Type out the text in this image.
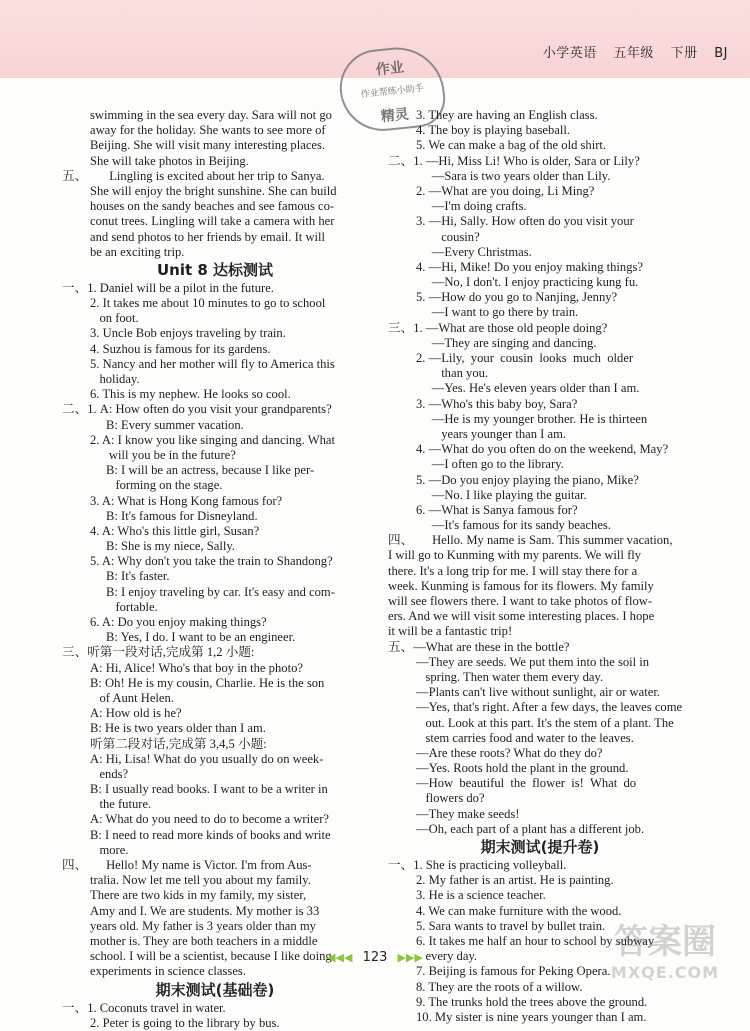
小学英语 五年级 下册 BJ
作业
作业帮练小助手
精灵
swimming in the sea every day. Sara will not go
away for the holiday. She wants to see more of
Beijing. She will visit many interesting places.
She will take photos in Beijing.
五、       Lingling is excited about her trip to Sanya.
She will enjoy the bright sunshine. She can build
houses on the sandy beaches and see famous co-
conut trees. Lingling will take a camera with her
and send photos to her friends by email. It will
be an exciting trip.
Unit 8 达标测试
一、1. Daniel will be a pilot in the future.
2. It takes me about 10 minutes to go to school
on foot.
3. Uncle Bob enjoys traveling by train.
4. Suzhou is famous for its gardens.
5. Nancy and her mother will fly to America this
holiday.
6. This is my nephew. He looks so cool.
二、1. A: How often do you visit your grandparents?
B: Every summer vacation.
2. A: I know you like singing and dancing. What
will you be in the future?
B: I will be an actress, because I like per-
forming on the stage.
3. A: What is Hong Kong famous for?
B: It's famous for Disneyland.
4. A: Who's this little girl, Susan?
B: She is my niece, Sally.
5. A: Why don't you take the train to Shandong?
B: It's faster.
B: I enjoy traveling by car. It's easy and com-
fortable.
6. A: Do you enjoy making things?
B: Yes, I do. I want to be an engineer.
三、听第一段对话,完成第 1,2 小题:
A: Hi, Alice! Who's that boy in the photo?
B: Oh! He is my cousin, Charlie. He is the son
of Aunt Helen.
A: How old is he?
B: He is two years older than I am.
听第二段对话,完成第 3,4,5 小题:
A: Hi, Lisa! What do you usually do on week-
ends?
B: I usually read books. I want to be a writer in
the future.
A: What do you need to do to become a writer?
B: I need to read more kinds of books and write
more.
四、      Hello! My name is Victor. I'm from Aus-
tralia. Now let me tell you about my family.
There are two kids in my family, my sister,
Amy and I. We are students. My mother is 33
years old. My father is 3 years older than my
mother is. They are both teachers in a middle
school. I will be a scientist, because I like doing
experiments in science classes.
期末测试(基础卷)
一、1. Coconuts travel in water.
2. Peter is going to the library by bus.
3. They are having an English class.
4. The boy is playing baseball.
5. We can make a bag of the old shirt.
二、1. —Hi, Miss Li! Who is older, Sara or Lily?
—Sara is two years older than Lily.
2. —What are you doing, Li Ming?
—I'm doing crafts.
3. —Hi, Sally. How often do you visit your
cousin?
—Every Christmas.
4. —Hi, Mike! Do you enjoy making things?
—No, I don't. I enjoy practicing kung fu.
5. —How do you go to Nanjing, Jenny?
—I want to go there by train.
三、1. —What are those old people doing?
—They are singing and dancing.
2. —Lily,  your  cousin  looks  much  older
than you.
—Yes. He's eleven years older than I am.
3. —Who's this baby boy, Sara?
—He is my younger brother. He is thirteen
years younger than I am.
4. —What do you often do on the weekend, May?
—I often go to the library.
5. —Do you enjoy playing the piano, Mike?
—No. I like playing the guitar.
6. —What is Sanya famous for?
—It's famous for its sandy beaches.
四、      Hello. My name is Sam. This summer vacation,
I will go to Kunming with my parents. We will fly
there. It's a long trip for me. I will stay there for a
week. Kunming is famous for its flowers. My family
will see flowers there. I want to take photos of flow-
ers. And we will visit some interesting places. I hope
it will be a fantastic trip!
五、—What are these in the bottle?
—They are seeds. We put them into the soil in
spring. Then water them every day.
—Plants can't live without sunlight, air or water.
—Yes, that's right. After a few days, the leaves come
out. Look at this part. It's the stem of a plant. The
stem carries food and water to the leaves.
—Are these roots? What do they do?
—Yes. Roots hold the plant in the ground.
—How  beautiful  the  flower  is!  What  do
flowers do?
—They make seeds!
—Oh, each part of a plant has a different job.
期末测试(提升卷)
一、1. She is practicing volleyball.
2. My father is an artist. He is painting.
3. He is a science teacher.
4. We can make furniture with the wood.
5. Sara wants to travel by bullet train.
6. It takes me half an hour to school by subway
every day.
7. Beijing is famous for Peking Opera.
8. They are the roots of a willow.
9. The trunks hold the trees above the ground.
10. My sister is nine years younger than I am.
◀◀◀ 123 ▶▶▶	答案圈
MXQE.COM
